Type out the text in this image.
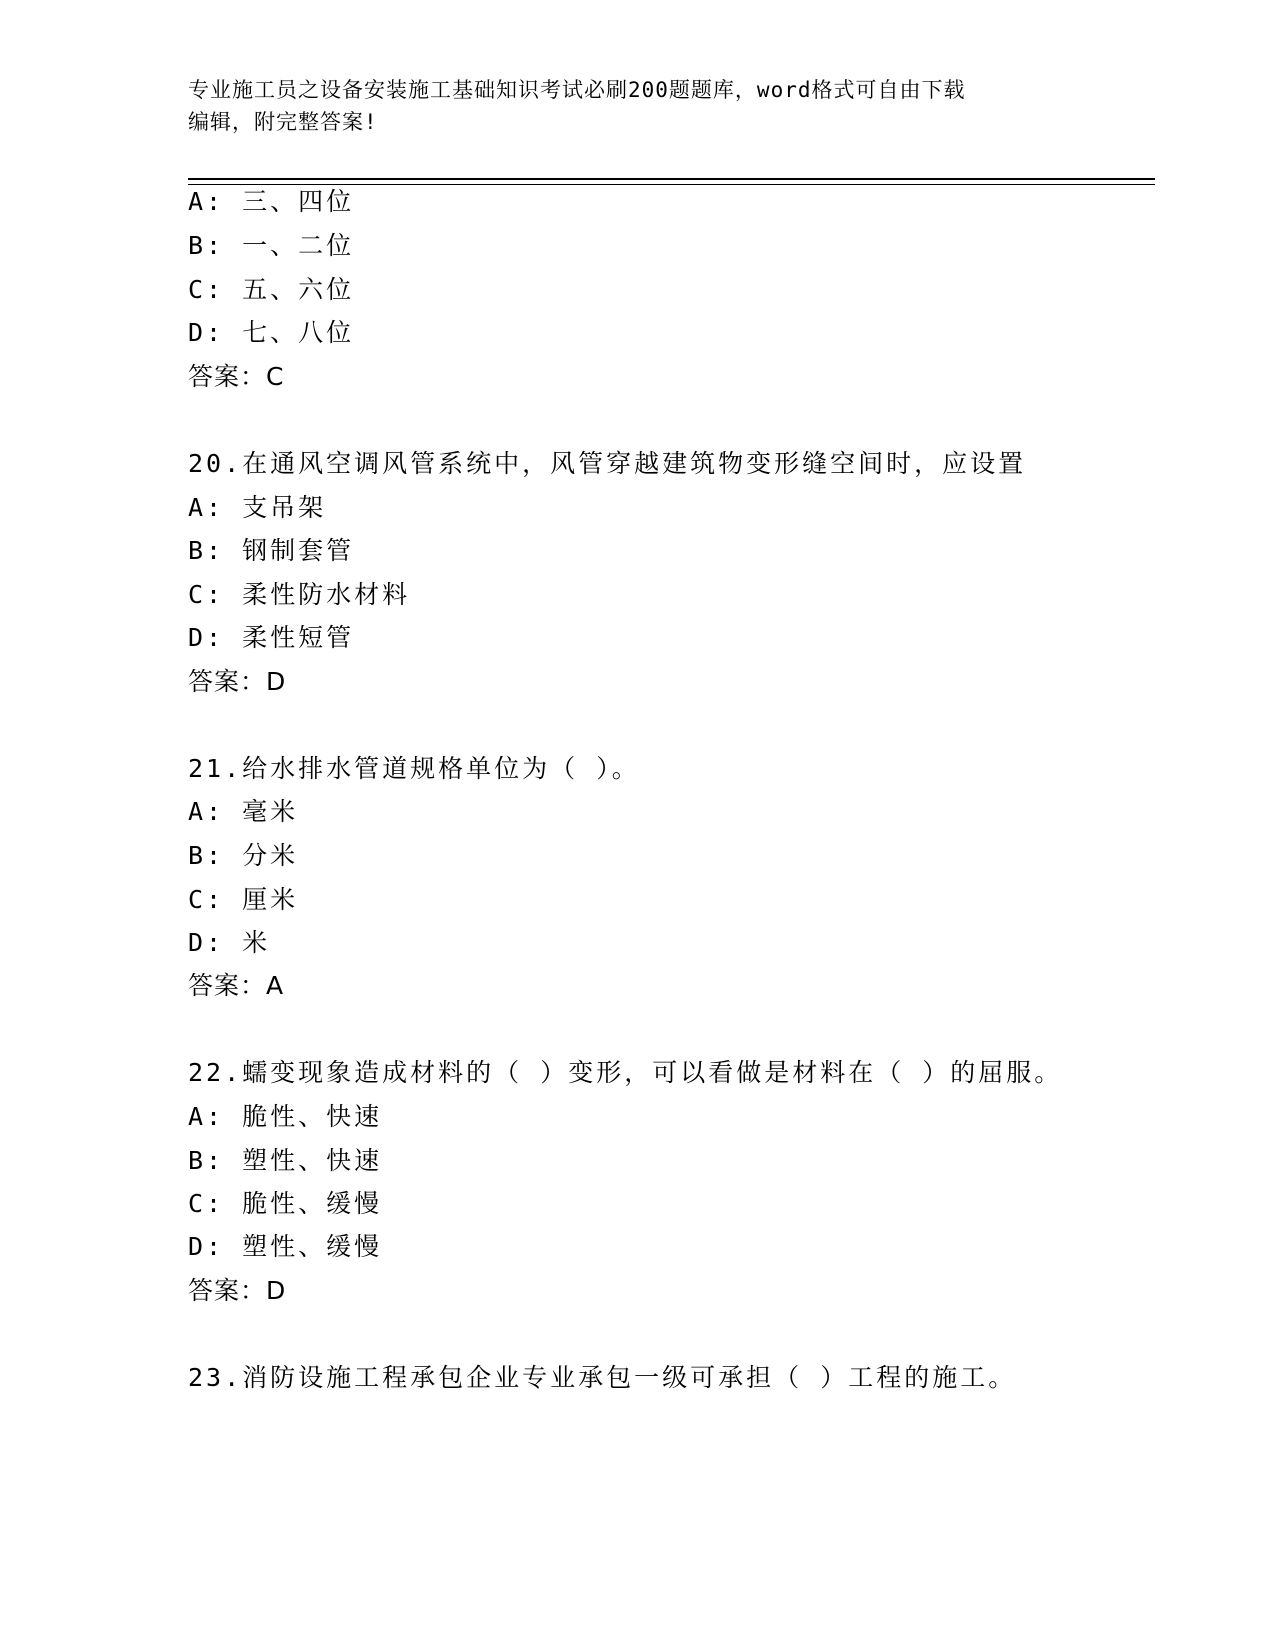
专业施工员之设备安装施工基础知识考试必刷200题题库，word格式可自由下载
编辑，附完整答案!
A: 三、四位
B: 一、二位
C: 五、六位
D: 七、八位
答案：C
20.在通风空调风管系统中，风管穿越建筑物变形缝空间时，应设置
A: 支吊架
B: 钢制套管
C: 柔性防水材料
D: 柔性短管
答案：D
21.给水排水管道规格单位为（ ）。
A: 毫米
B: 分米
C: 厘米
D: 米
答案：A
22.蠕变现象造成材料的（ ）变形，可以看做是材料在（ ）的屈服。
A: 脆性、快速
B: 塑性、快速
C: 脆性、缓慢
D: 塑性、缓慢
答案：D
23.消防设施工程承包企业专业承包一级可承担（ ）工程的施工。
